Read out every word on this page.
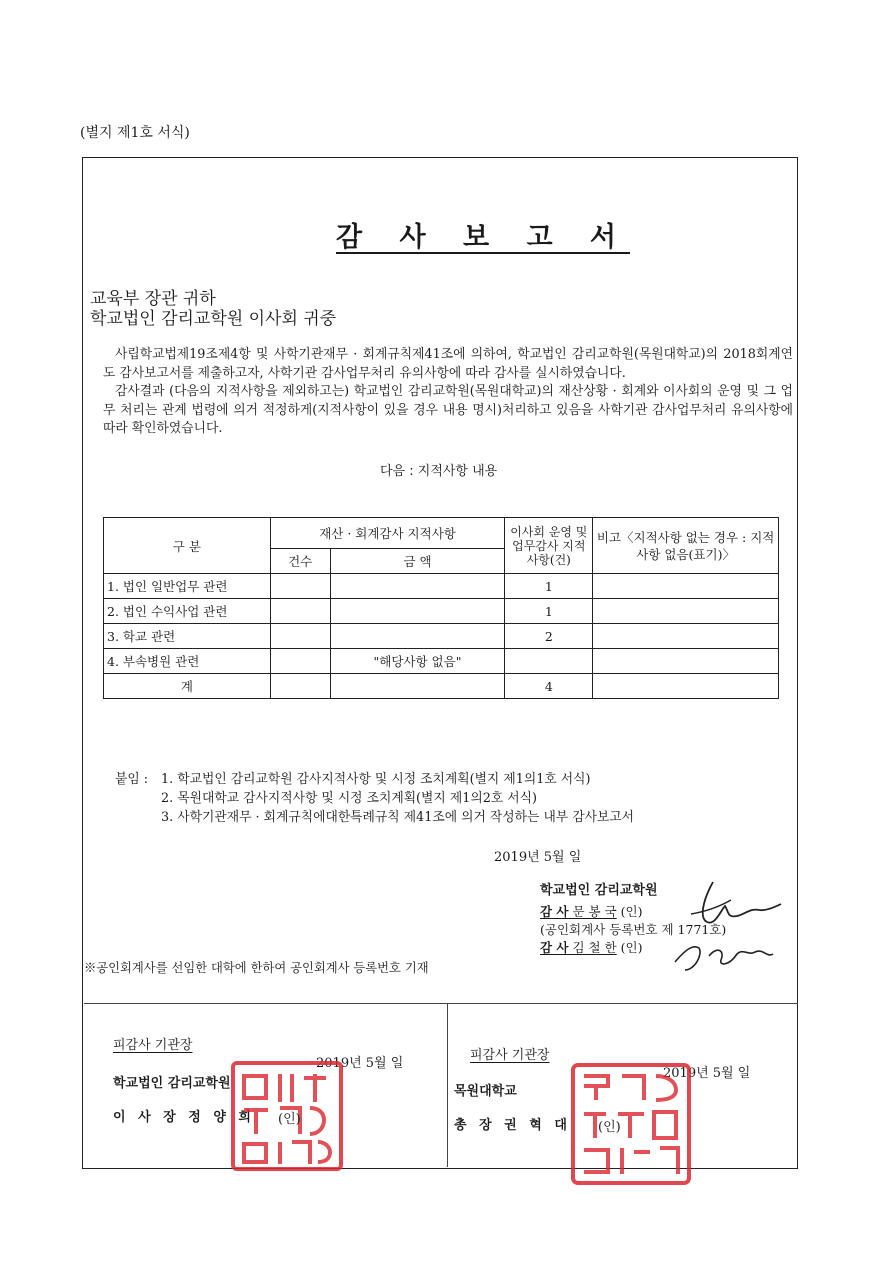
(별지 제1호 서식)
감 사 보 고 서
교육부 장관 귀하
학교법인 감리교학원 이사회 귀중
사립학교법제19조제4항 및 사학기관재무 · 회계규칙제41조에 의하여, 학교법인 감리교학원(목원대학교)의 2018회계연도 감사보고서를 제출하고자, 사학기관 감사업무처리 유의사항에 따라 감사를 실시하였습니다.
감사결과 (다음의 지적사항을 제외하고는) 학교법인 감리교학원(목원대학교)의 재산상황 · 회계와 이사회의 운영 및 그 업무 처리는 관계 법령에 의거 적정하게(지적사항이 있을 경우 내용 명시)처리하고 있음을 사학기관 감사업무처리 유의사항에 따라 확인하였습니다.
다음 : 지적사항 내용
구 분	재산 · 회계감사 지적사항		이사회 운영 및 업무감사 지적사항(건)	비고〈지적사항 없는 경우 : 지적사항 없음(표기)〉
	건수	금 액		
1. 법인 일반업무 관련			1	
2. 법인 수익사업 관련			1	
3. 학교 관련			2	
4. 부속병원 관련		"해당사항 없음"		
계			4	
붙임 : 1. 학교법인 감리교학원 감사지적사항 및 시정 조치계획(별지 제1의1호 서식)
2. 목원대학교 감사지적사항 및 시정 조치계획(별지 제1의2호 서식)
3. 사학기관재무 · 회계규칙에대한특례규칙 제41조에 의거 작성하는 내부 감사보고서
2019년 5월 일
학교법인 감리교학원
감 사 문 봉 국 (인)
(공인회계사 등록번호 제 1771호)
감 사 김 철 한 (인)
※공인회계사를 선임한 대학에 한하여 공인회계사 등록번호 기재
피감사 기관장
2019년 5월 일
학교법인 감리교학원
이 사 장 정 양 희 (인)
피감사 기관장
2019년 5월 일
목원대학교
총 장 권 혁 대 (인)
